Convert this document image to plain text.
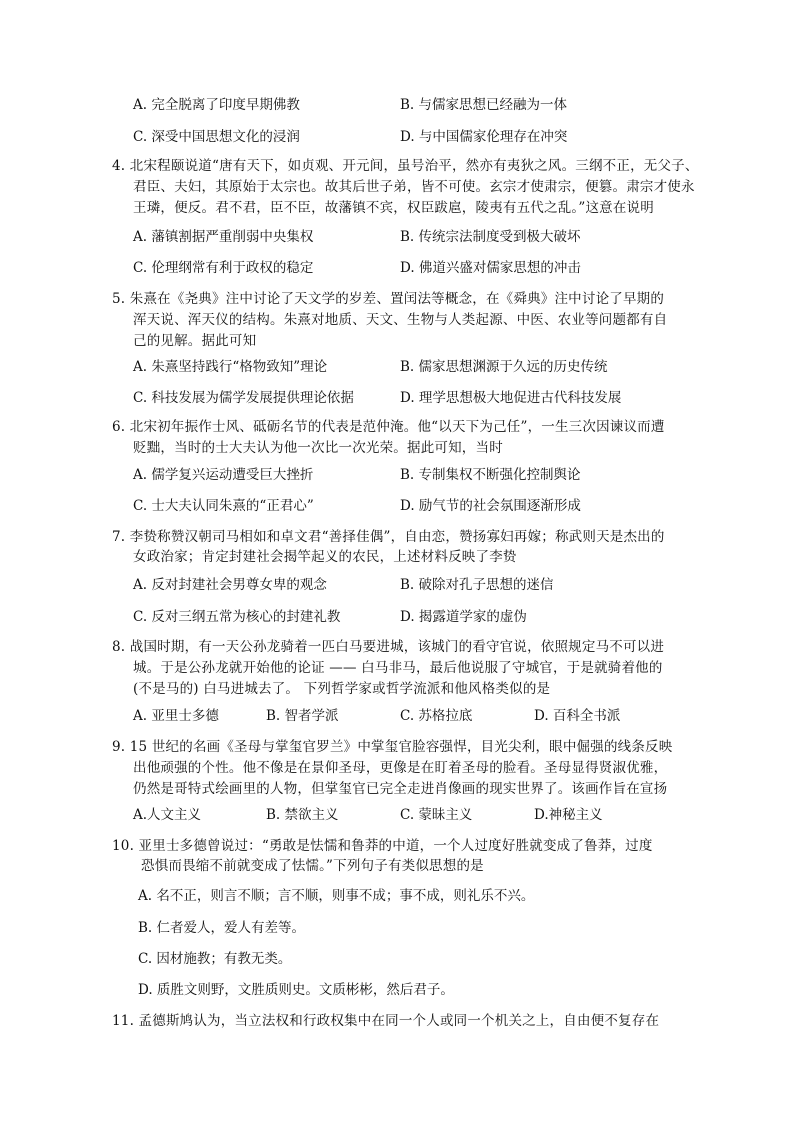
A. 完全脱离了印度早期佛教	B. 与儒家思想已经融为一体
C. 深受中国思想文化的浸润	D. 与中国儒家伦理存在冲突
4. 北宋程颐说道“唐有天下，如贞观、开元间，虽号治平，然亦有夷狄之风。三纲不正，无父子、
君臣、夫妇，其原始于太宗也。故其后世子弟，皆不可使。玄宗才使肃宗，便篡。肃宗才使永
王璘，便反。君不君，臣不臣，故藩镇不宾，权臣跋扈，陵夷有五代之乱。”这意在说明
A. 藩镇割据严重削弱中央集权	B. 传统宗法制度受到极大破坏
C. 伦理纲常有利于政权的稳定	D. 佛道兴盛对儒家思想的冲击
5. 朱熹在《尧典》注中讨论了天文学的岁差、置闰法等概念，在《舜典》注中讨论了早期的
浑天说、浑天仪的结构。朱熹对地质、天文、生物与人类起源、中医、农业等问题都有自
己的见解。据此可知
A. 朱熹坚持践行“格物致知”理论	B. 儒家思想渊源于久远的历史传统
C. 科技发展为儒学发展提供理论依据	D. 理学思想极大地促进古代科技发展
6. 北宋初年振作士风、砥砺名节的代表是范仲淹。他“以天下为己任”，一生三次因谏议而遭
贬黜，当时的士大夫认为他一次比一次光荣。据此可知，当时
A. 儒学复兴运动遭受巨大挫折	B. 专制集权不断强化控制舆论
C. 士大夫认同朱熹的“正君心”	D. 励气节的社会氛围逐渐形成
7. 李贽称赞汉朝司马相如和卓文君“善择佳偶”，自由恋，赞扬寡妇再嫁；称武则天是杰出的
女政治家；肯定封建社会揭竿起义的农民，上述材料反映了李贽
A. 反对封建社会男尊女卑的观念	B. 破除对孔子思想的迷信
C. 反对三纲五常为核心的封建礼教	D. 揭露道学家的虚伪
8. 战国时期，有一天公孙龙骑着一匹白马要进城，该城门的看守官说，依照规定马不可以进
城。于是公孙龙就开始他的论证 —— 白马非马，最后他说服了守城官，于是就骑着他的
(不是马的) 白马进城去了。 下列哲学家或哲学流派和他风格类似的是
A. 亚里士多德	B. 智者学派	C. 苏格拉底	D. 百科全书派
9. 15 世纪的名画《圣母与掌玺官罗兰》中掌玺官脸容强悍，目光尖利，眼中倔强的线条反映
出他顽强的个性。他不像是在景仰圣母，更像是在盯着圣母的脸看。圣母显得贤淑优雅，
仍然是哥特式绘画里的人物，但掌玺官已完全走进肖像画的现实世界了。该画作旨在宣扬
A.人文主义	B. 禁欲主义	C. 蒙昧主义	D.神秘主义
10. 亚里士多德曾说过：“勇敢是怯懦和鲁莽的中道，一个人过度好胜就变成了鲁莽，过度
恐惧而畏缩不前就变成了怯懦。”下列句子有类似思想的是
A. 名不正，则言不顺；言不顺，则事不成；事不成，则礼乐不兴。
B. 仁者爱人，爱人有差等。
C. 因材施教；有教无类。
D. 质胜文则野，文胜质则史。文质彬彬，然后君子。
11. 孟德斯鸠认为，当立法权和行政权集中在同一个人或同一个机关之上，自由便不复存在
